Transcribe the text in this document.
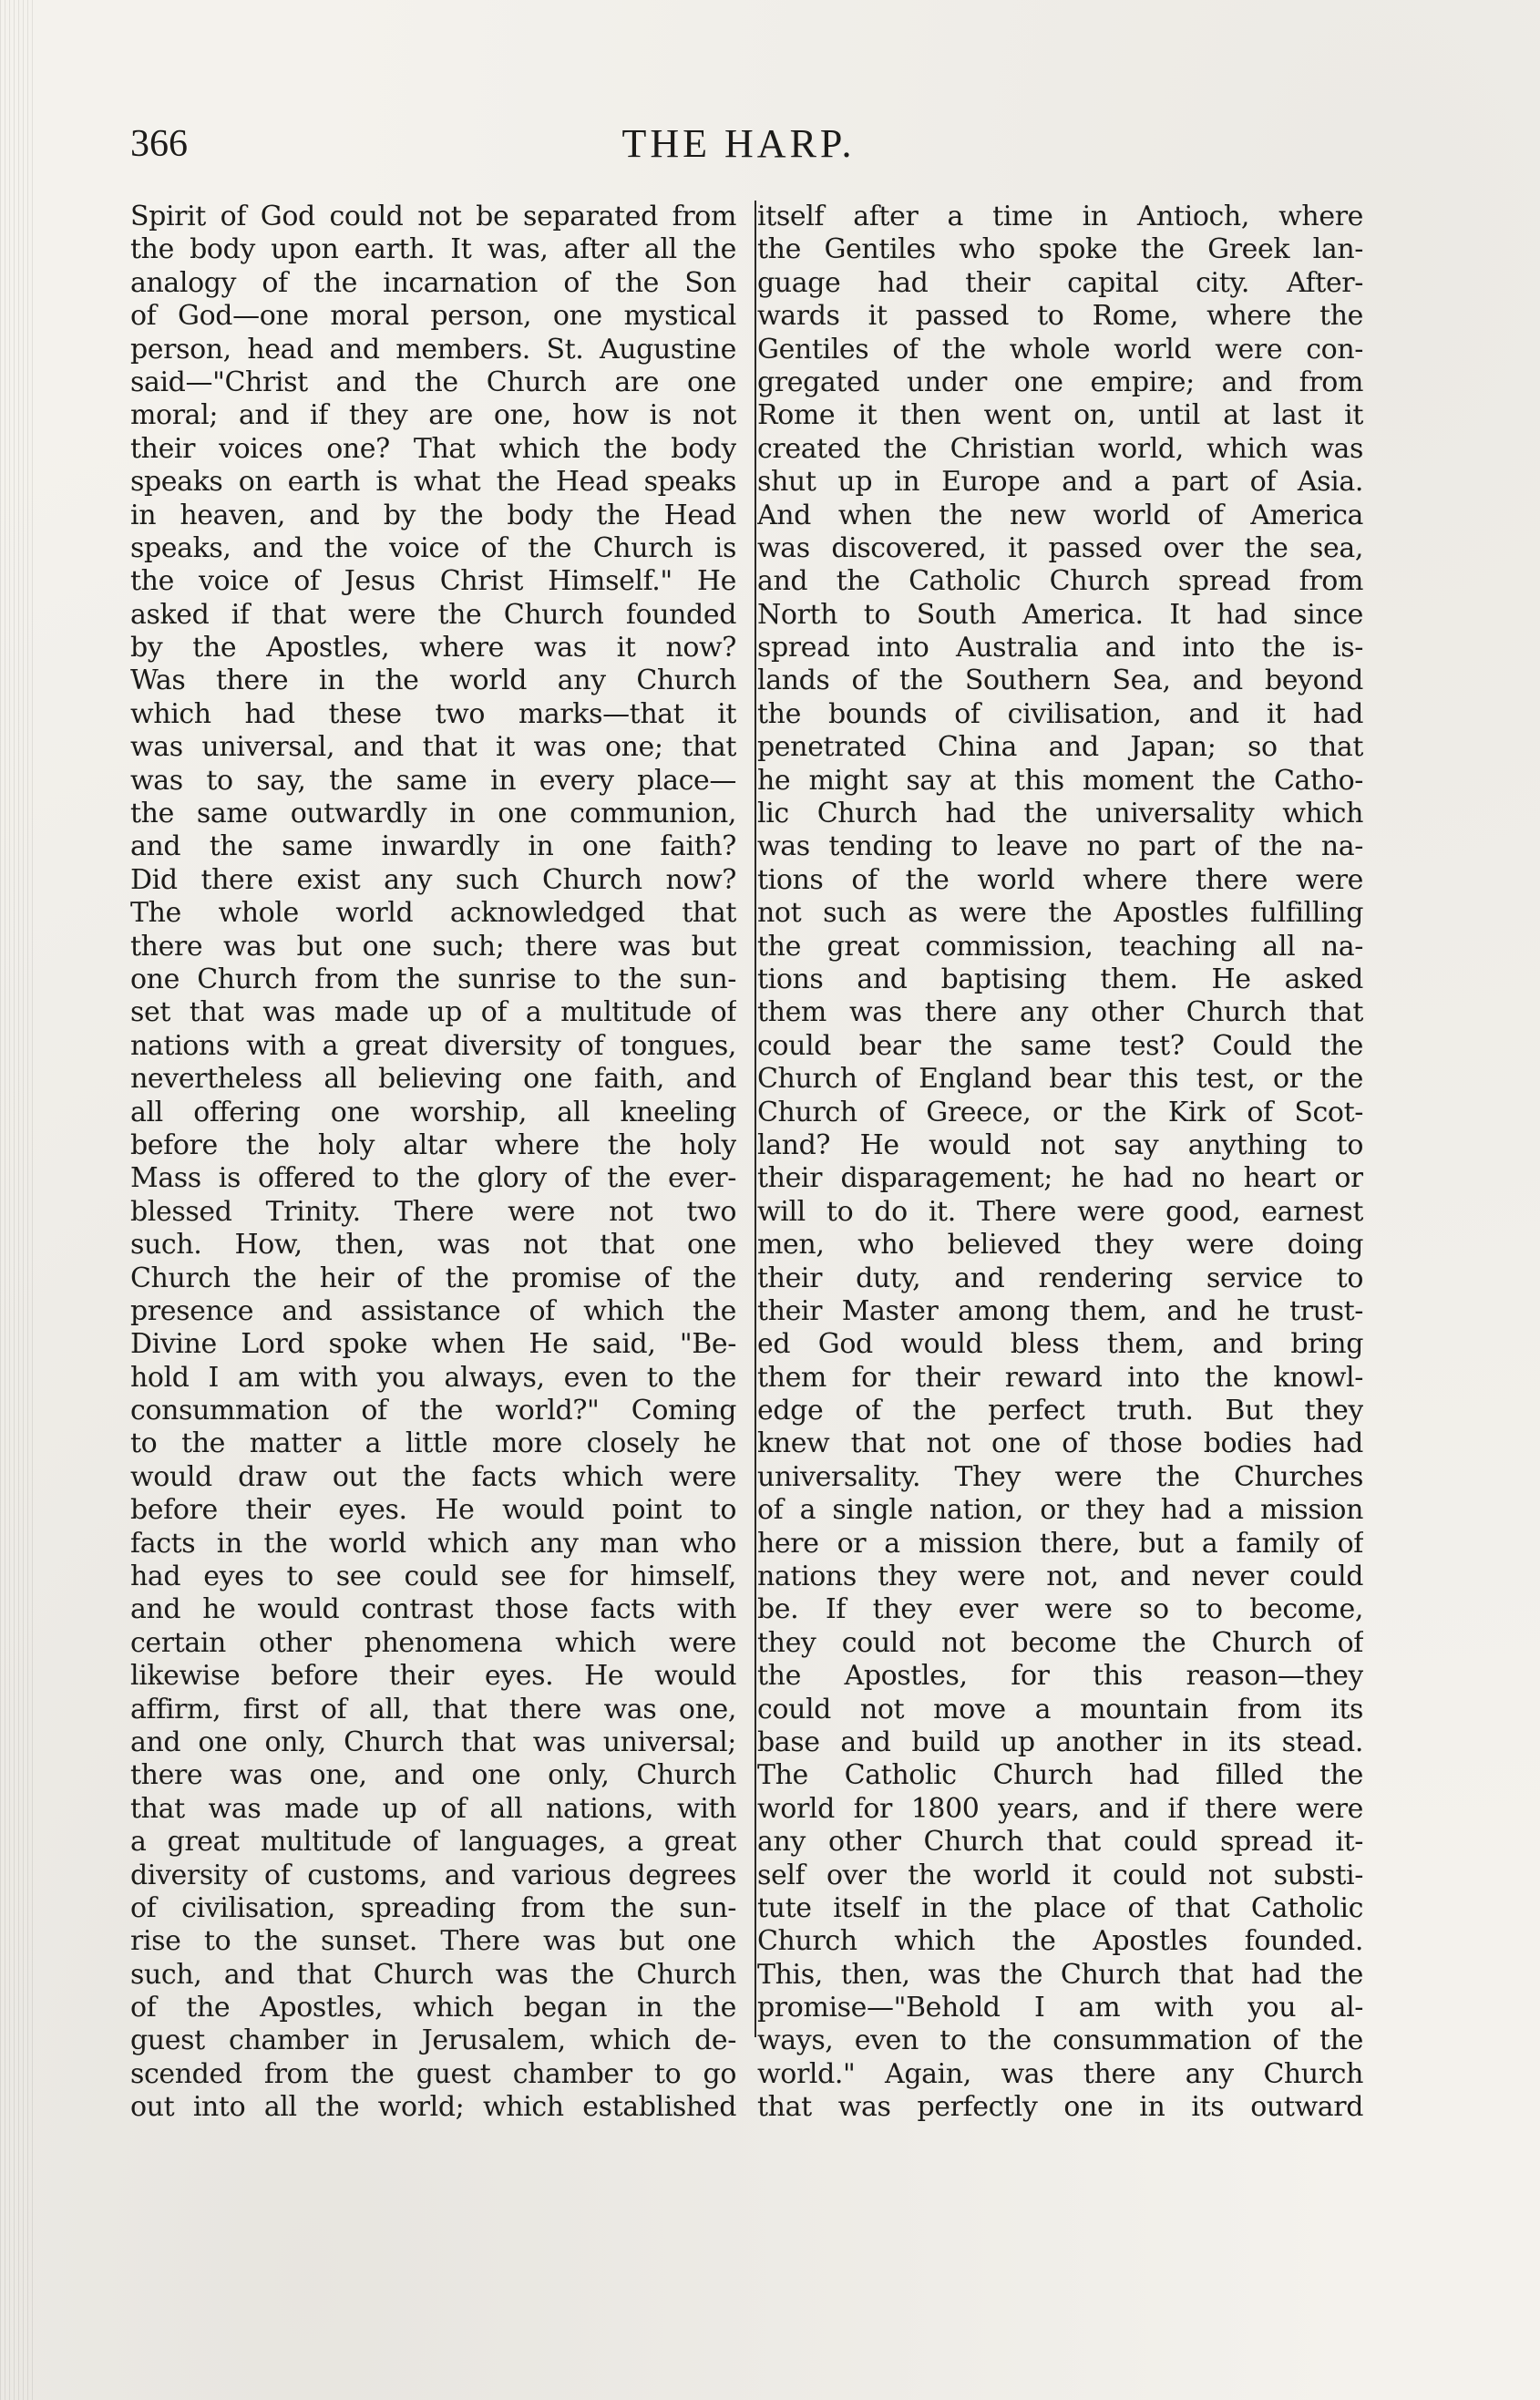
366	THE HARP.
Spirit of God could not be separated from
the body upon earth. It was, after all the
analogy of the incarnation of the Son
of God—one moral person, one mystical
person, head and members. St. Augustine
said—"Christ and the Church are one
moral; and if they are one, how is not
their voices one? That which the body
speaks on earth is what the Head speaks
in heaven, and by the body the Head
speaks, and the voice of the Church is
the voice of Jesus Christ Himself." He
asked if that were the Church founded
by the Apostles, where was it now?
Was there in the world any Church
which had these two marks—that it
was universal, and that it was one; that
was to say, the same in every place—
the same outwardly in one communion,
and the same inwardly in one faith?
Did there exist any such Church now?
The whole world acknowledged that
there was but one such; there was but
one Church from the sunrise to the sun-
set that was made up of a multitude of
nations with a great diversity of tongues,
nevertheless all believing one faith, and
all offering one worship, all kneeling
before the holy altar where the holy
Mass is offered to the glory of the ever-
blessed Trinity. There were not two
such. How, then, was not that one
Church the heir of the promise of the
presence and assistance of which the
Divine Lord spoke when He said, "Be-
hold I am with you always, even to the
consummation of the world?" Coming
to the matter a little more closely he
would draw out the facts which were
before their eyes. He would point to
facts in the world which any man who
had eyes to see could see for himself,
and he would contrast those facts with
certain other phenomena which were
likewise before their eyes. He would
affirm, first of all, that there was one,
and one only, Church that was universal;
there was one, and one only, Church
that was made up of all nations, with
a great multitude of languages, a great
diversity of customs, and various degrees
of civilisation, spreading from the sun-
rise to the sunset. There was but one
such, and that Church was the Church
of the Apostles, which began in the
guest chamber in Jerusalem, which de-
scended from the guest chamber to go
out into all the world; which established
itself after a time in Antioch, where
the Gentiles who spoke the Greek lan-
guage had their capital city. After-
wards it passed to Rome, where the
Gentiles of the whole world were con-
gregated under one empire; and from
Rome it then went on, until at last it
created the Christian world, which was
shut up in Europe and a part of Asia.
And when the new world of America
was discovered, it passed over the sea,
and the Catholic Church spread from
North to South America. It had since
spread into Australia and into the is-
lands of the Southern Sea, and beyond
the bounds of civilisation, and it had
penetrated China and Japan; so that
he might say at this moment the Catho-
lic Church had the universality which
was tending to leave no part of the na-
tions of the world where there were
not such as were the Apostles fulfilling
the great commission, teaching all na-
tions and baptising them. He asked
them was there any other Church that
could bear the same test? Could the
Church of England bear this test, or the
Church of Greece, or the Kirk of Scot-
land? He would not say anything to
their disparagement; he had no heart or
will to do it. There were good, earnest
men, who believed they were doing
their duty, and rendering service to
their Master among them, and he trust-
ed God would bless them, and bring
them for their reward into the knowl-
edge of the perfect truth. But they
knew that not one of those bodies had
universality. They were the Churches
of a single nation, or they had a mission
here or a mission there, but a family of
nations they were not, and never could
be. If they ever were so to become,
they could not become the Church of
the Apostles, for this reason—they
could not move a mountain from its
base and build up another in its stead.
The Catholic Church had filled the
world for 1800 years, and if there were
any other Church that could spread it-
self over the world it could not substi-
tute itself in the place of that Catholic
Church which the Apostles founded.
This, then, was the Church that had the
promise—"Behold I am with you al-
ways, even to the consummation of the
world." Again, was there any Church
that was perfectly one in its outward
